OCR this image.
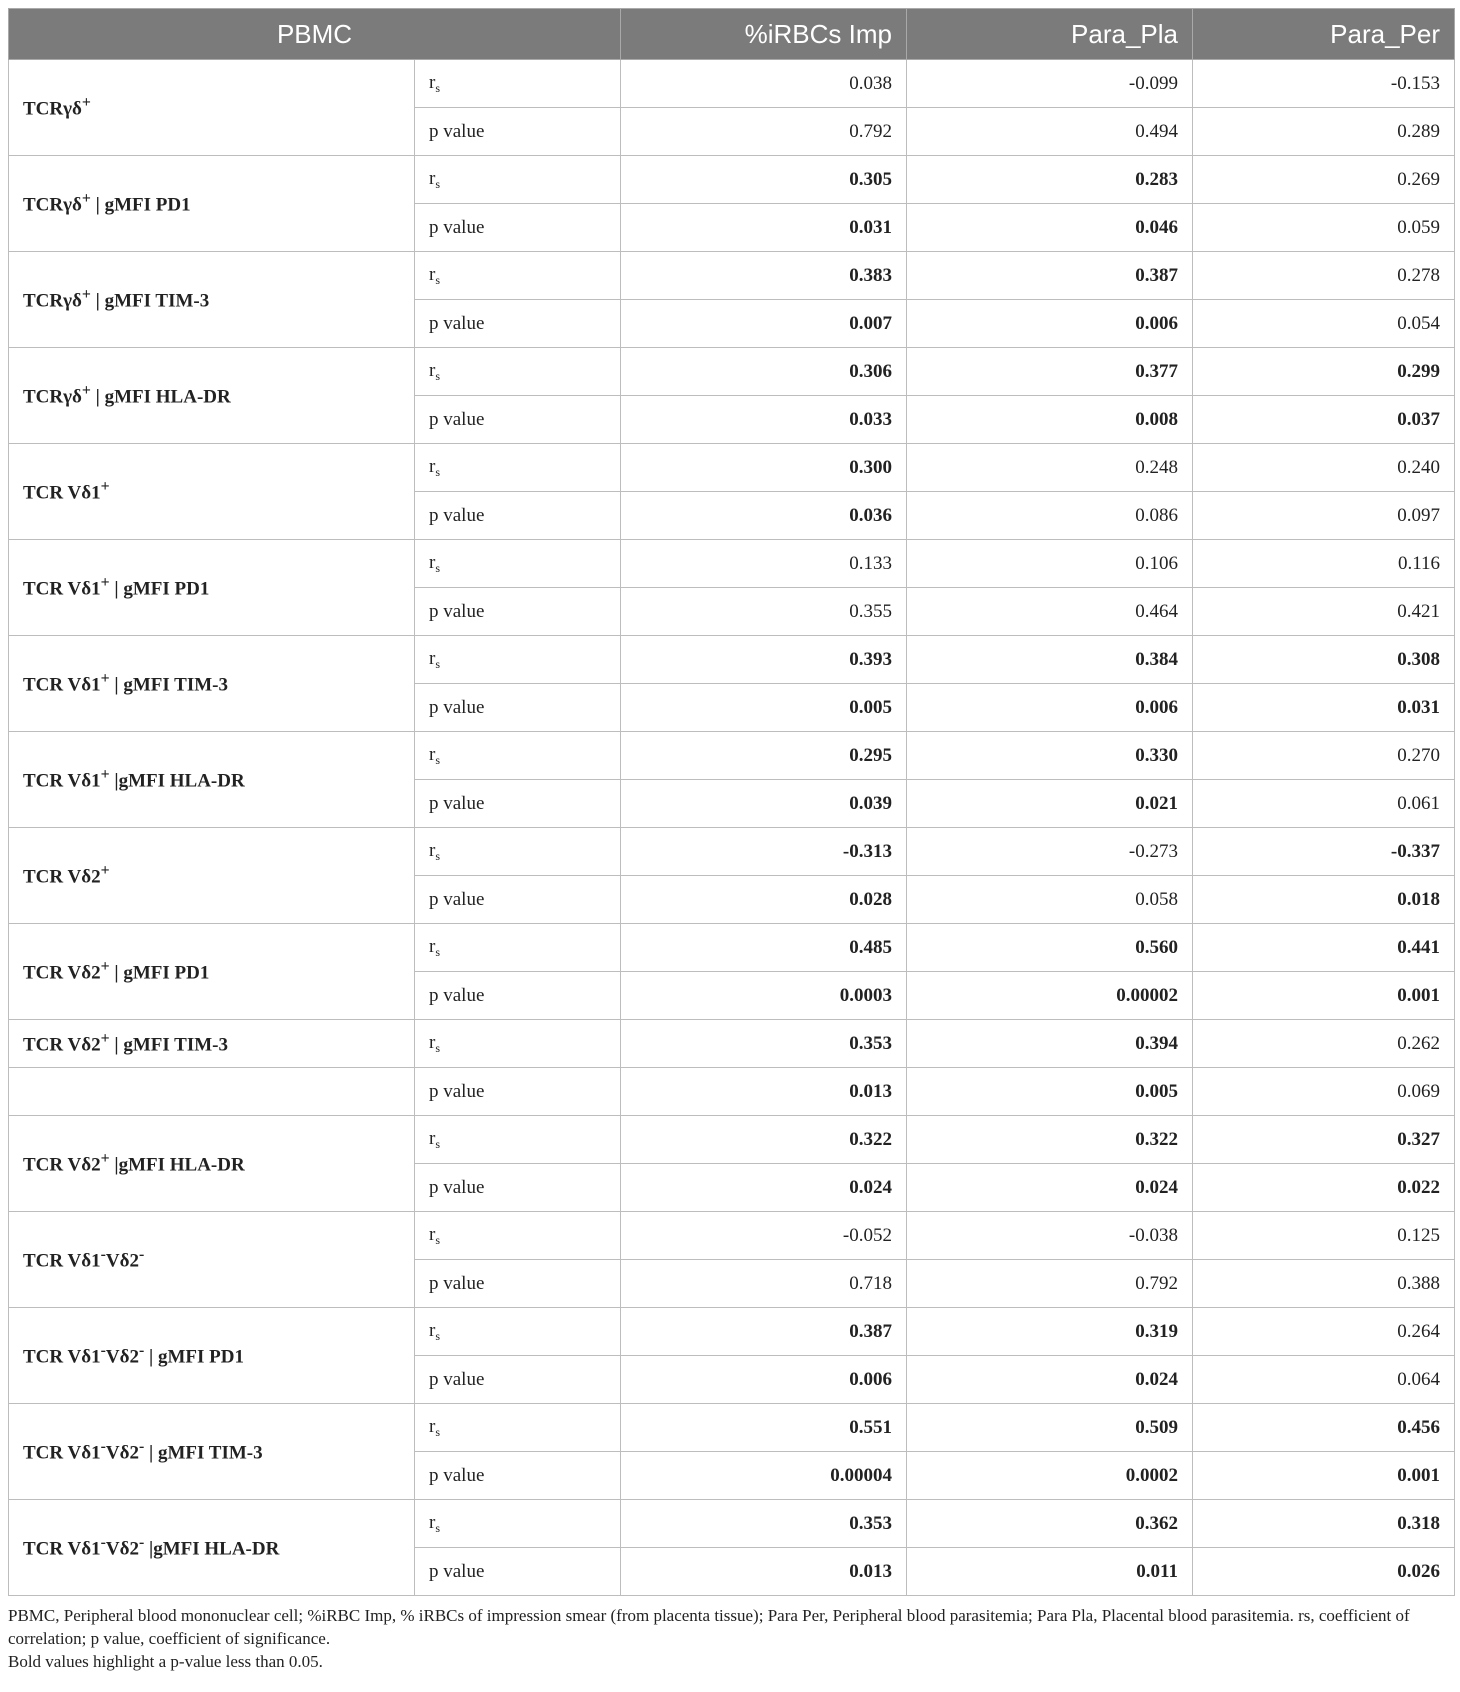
PBMC		%iRBCs Imp	Para_Pla	Para_Per
TCRγδ+	$r_s$	0.038	-0.099	-0.153
	p value	0.792	0.494	0.289
TCRγδ+ | gMFI PD1	$r_s$	0.305	0.283	0.269
	p value	0.031	0.046	0.059
TCRγδ+ | gMFI TIM-3	$r_s$	0.383	0.387	0.278
	p value	0.007	0.006	0.054
TCRγδ+ | gMFI HLA-DR	$r_s$	0.306	0.377	0.299
	p value	0.033	0.008	0.037
TCR Vδ1+	$r_s$	0.300	0.248	0.240
	p value	0.036	0.086	0.097
TCR Vδ1+ | gMFI PD1	$r_s$	0.133	0.106	0.116
	p value	0.355	0.464	0.421
TCR Vδ1+ | gMFI TIM-3	$r_s$	0.393	0.384	0.308
	p value	0.005	0.006	0.031
TCR Vδ1+ |gMFI HLA-DR	$r_s$	0.295	0.330	0.270
	p value	0.039	0.021	0.061
TCR Vδ2+	$r_s$	-0.313	-0.273	-0.337
	p value	0.028	0.058	0.018
TCR Vδ2+ | gMFI PD1	$r_s$	0.485	0.560	0.441
	p value	0.0003	0.00002	0.001
TCR Vδ2+ | gMFI TIM-3	$r_s$	0.353	0.394	0.262
	p value	0.013	0.005	0.069
TCR Vδ2+ |gMFI HLA-DR	$r_s$	0.322	0.322	0.327
	p value	0.024	0.024	0.022
TCR Vδ1-Vδ2-	$r_s$	-0.052	-0.038	0.125
	p value	0.718	0.792	0.388
TCR Vδ1-Vδ2- | gMFI PD1	$r_s$	0.387	0.319	0.264
	p value	0.006	0.024	0.064
TCR Vδ1-Vδ2- | gMFI TIM-3	$r_s$	0.551	0.509	0.456
	p value	0.00004	0.0002	0.001
TCR Vδ1-Vδ2- |gMFI HLA-DR	$r_s$	0.353	0.362	0.318
	p value	0.013	0.011	0.026

PBMC, Peripheral blood mononuclear cell; %iRBC Imp, % iRBCs of impression smear (from placenta tissue); Para Per, Peripheral blood parasitemia; Para Pla, Placental blood parasitemia. rs, coefficient of correlation; p value, coefficient of significance.

Bold values highlight a p-value less than 0.05.
